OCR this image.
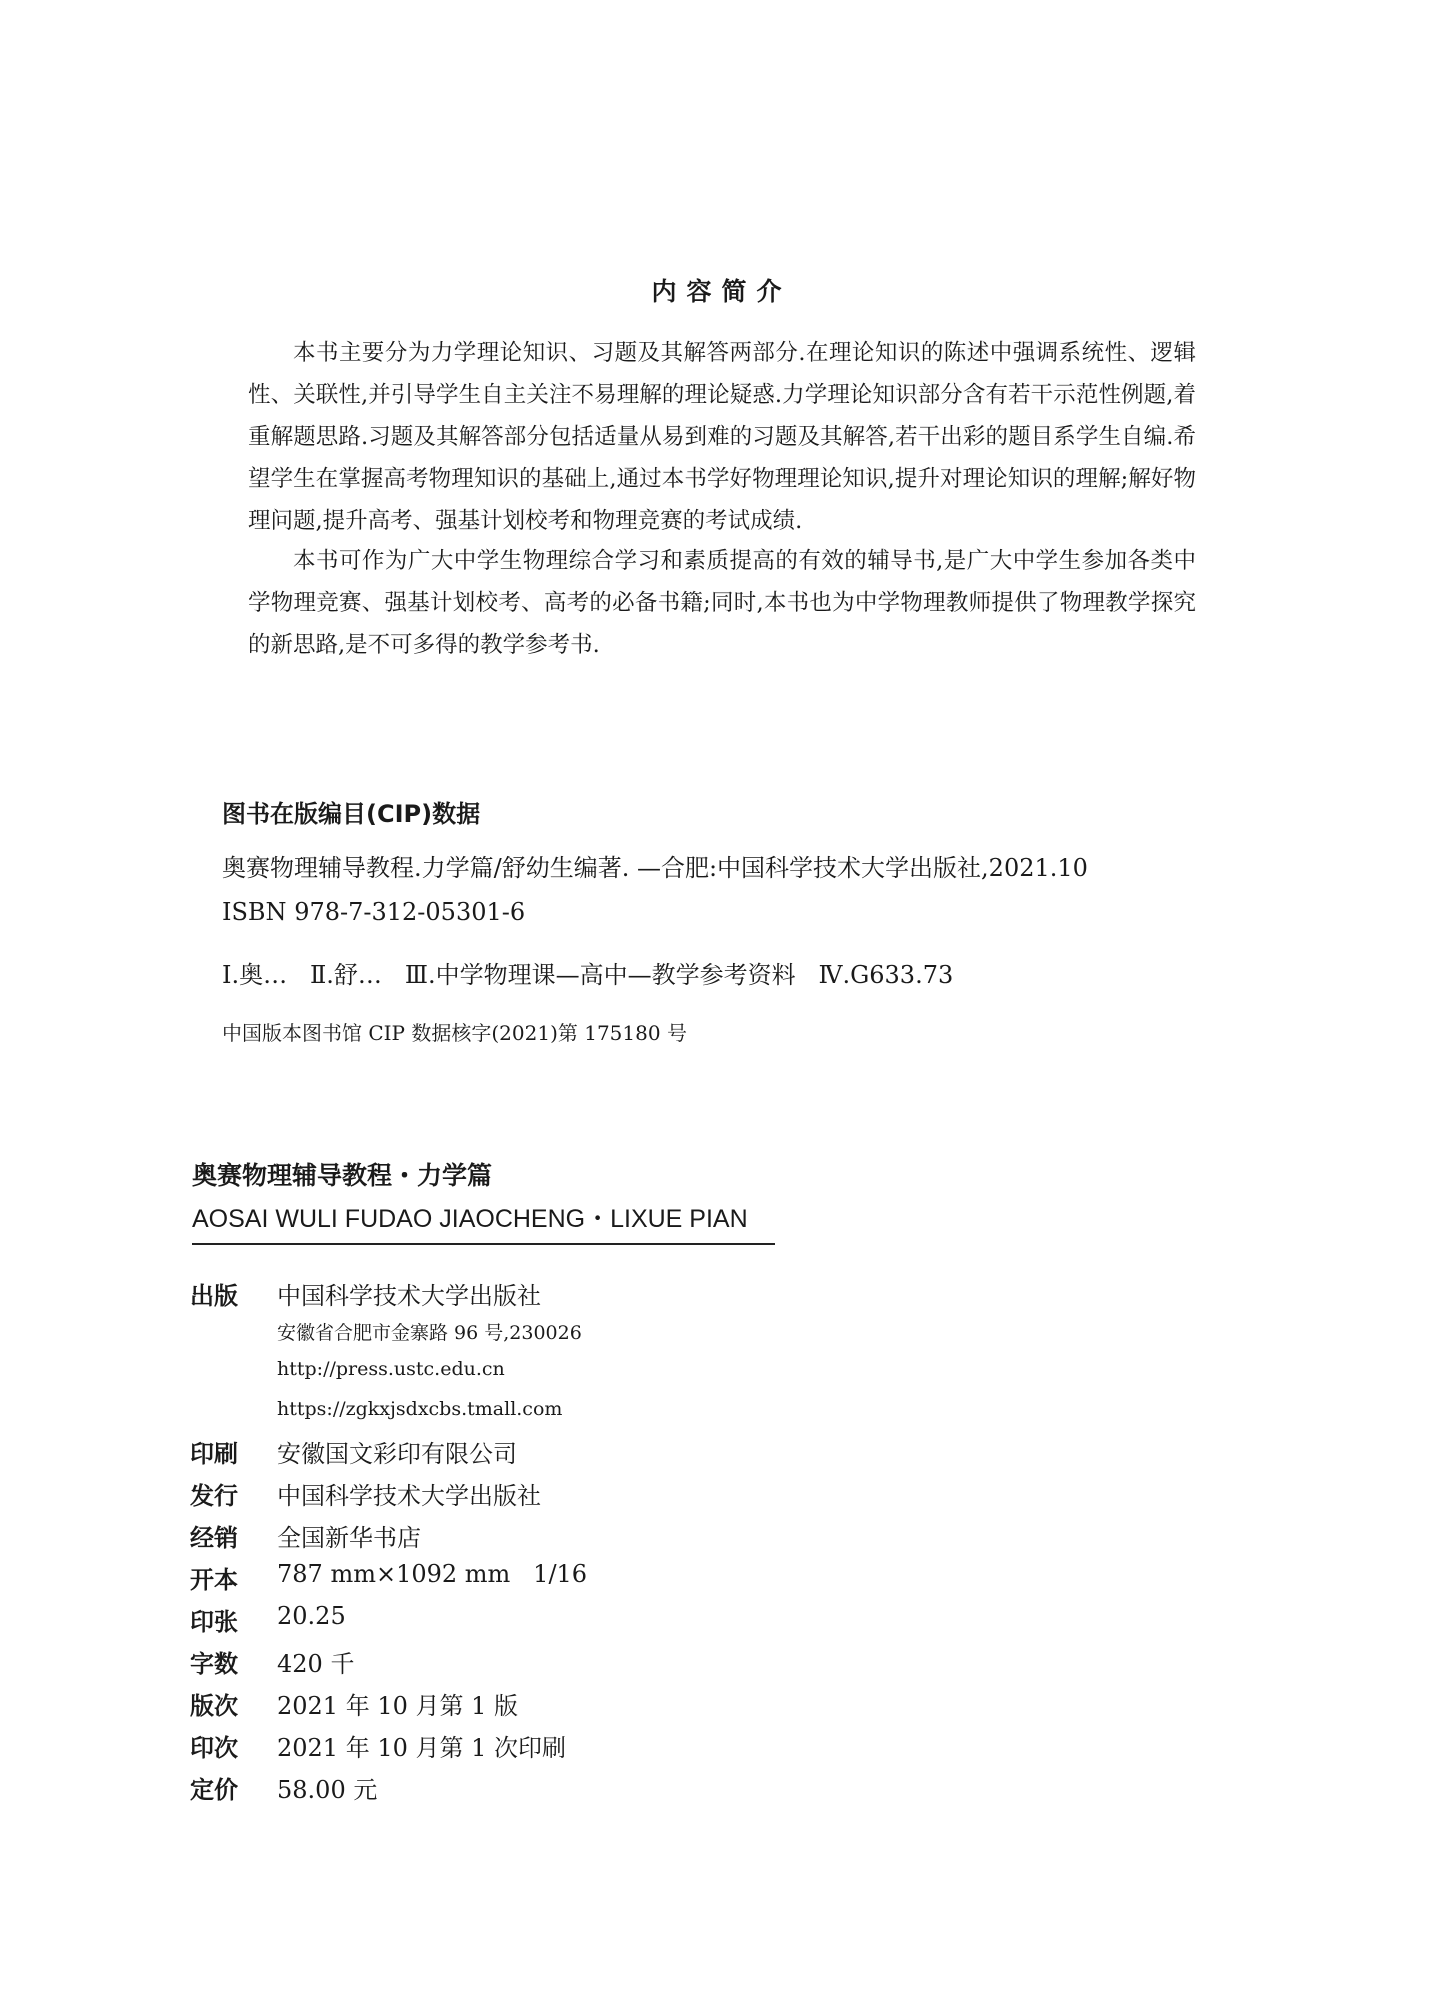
内容简介
本书主要分为力学理论知识、习题及其解答两部分.在理论知识的陈述中强调系统性、逻辑性、关联性,并引导学生自主关注不易理解的理论疑惑.力学理论知识部分含有若干示范性例题,着重解题思路.习题及其解答部分包括适量从易到难的习题及其解答,若干出彩的题目系学生自编.希望学生在掌握高考物理知识的基础上,通过本书学好物理理论知识,提升对理论知识的理解;解好物理问题,提升高考、强基计划校考和物理竞赛的考试成绩.
本书可作为广大中学生物理综合学习和素质提高的有效的辅导书,是广大中学生参加各类中学物理竞赛、强基计划校考、高考的必备书籍;同时,本书也为中学物理教师提供了物理教学探究的新思路,是不可多得的教学参考书.
图书在版编目(CIP)数据
奥赛物理辅导教程.力学篇/舒幼生编著. —合肥:中国科学技术大学出版社,2021.10
ISBN 978-7-312-05301-6
Ⅰ.奥…   Ⅱ.舒…   Ⅲ.中学物理课—高中—教学参考资料   Ⅳ.G633.73
中国版本图书馆 CIP 数据核字(2021)第 175180 号
奥赛物理辅导教程・力学篇
AOSAI WULI FUDAO JIAOCHENG・LIXUE PIAN
出版	中国科学技术大学出版社
安徽省合肥市金寨路 96 号,230026
http://press.ustc.edu.cn
https://zgkxjsdxcbs.tmall.com
印刷	安徽国文彩印有限公司
发行	中国科学技术大学出版社
经销	全国新华书店
开本	787 mm×1092 mm   1/16
印张	20.25
字数	420 千
版次	2021 年 10 月第 1 版
印次	2021 年 10 月第 1 次印刷
定价	58.00 元
